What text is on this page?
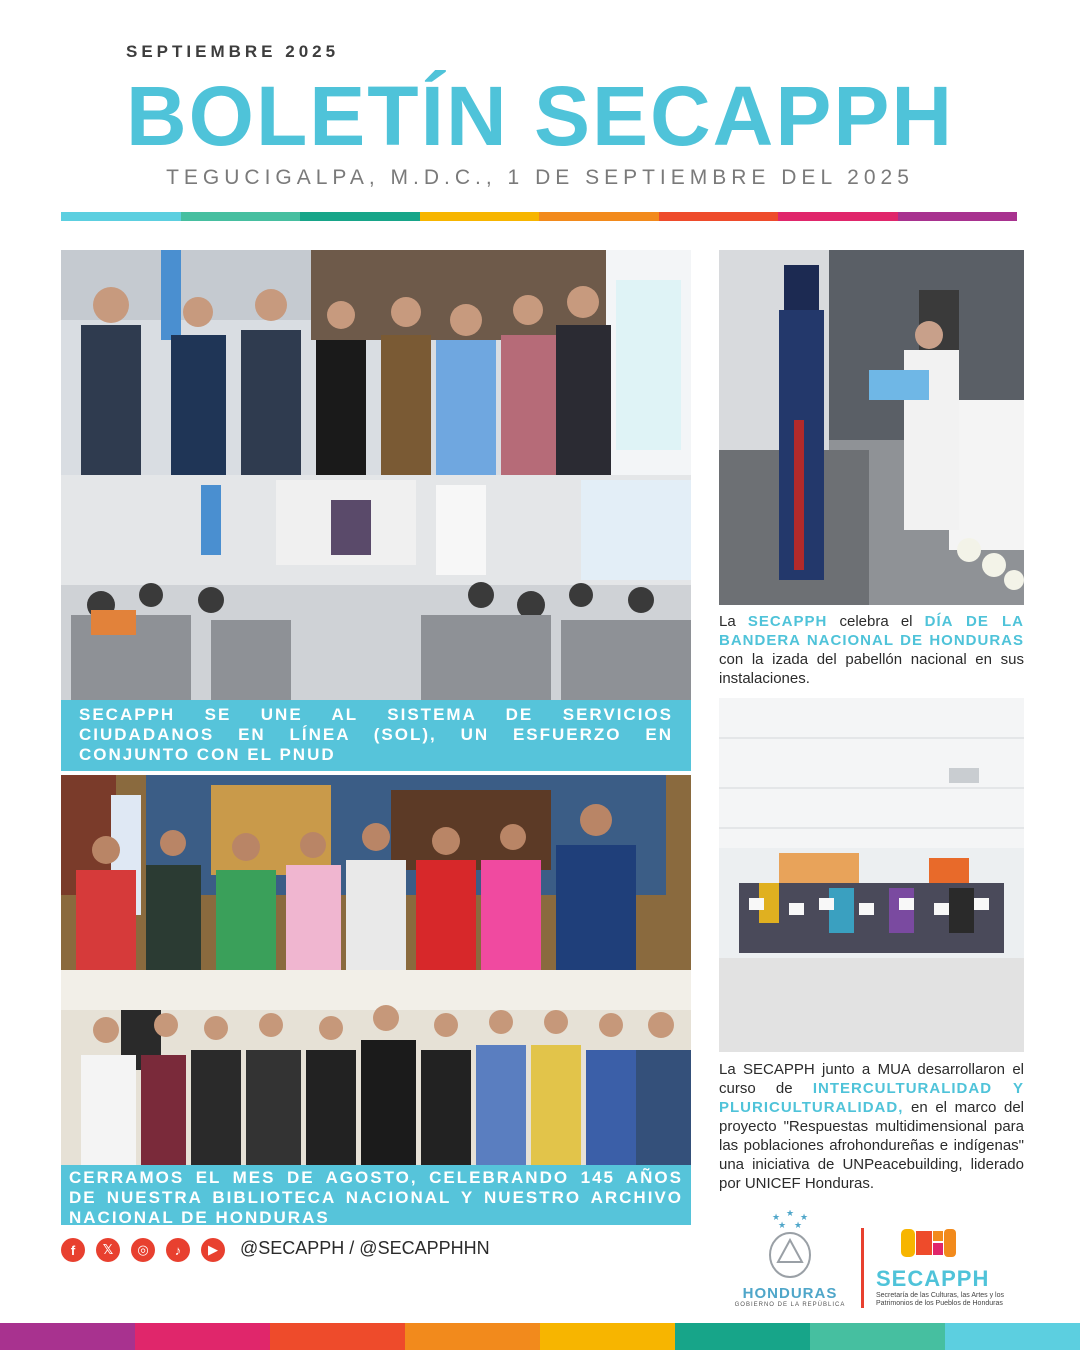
SEPTIEMBRE 2025
BOLETÍN SECAPPH
TEGUCIGALPA, M.D.C., 1 DE SEPTIEMBRE DEL 2025
SECAPPH SE UNE AL SISTEMA DE SERVICIOS CIUDADANOS EN LÍNEA (SOL), UN ESFUERZO EN CONJUNTO CON EL PNUD
CERRAMOS EL MES DE AGOSTO, CELEBRANDO 145 AÑOS DE NUESTRA BIBLIOTECA NACIONAL Y NUESTRO ARCHIVO NACIONAL DE HONDURAS
La SECAPPH celebra el DÍA DE LA BANDERA NACIONAL DE HONDURAS con la izada del pabellón nacional en sus instalaciones.
La SECAPPH junto a MUA desarrollaron el curso de INTERCULTURALIDAD Y PLURICULTURALIDAD, en el marco del proyecto "Respuestas multidimensional para las poblaciones afrohondureñas e indígenas" una iniciativa de UNPeacebuilding, liderado por UNICEF Honduras.
f	𝕏	◎	♪	▶	@SECAPPH / @SECAPPHHN
★ ★ ★
★ ★
HONDURAS
GOBIERNO DE LA REPÚBLICA
SECAPPH
Secretaría de las Culturas, las Artes y los Patrimonios de los Pueblos de Honduras
